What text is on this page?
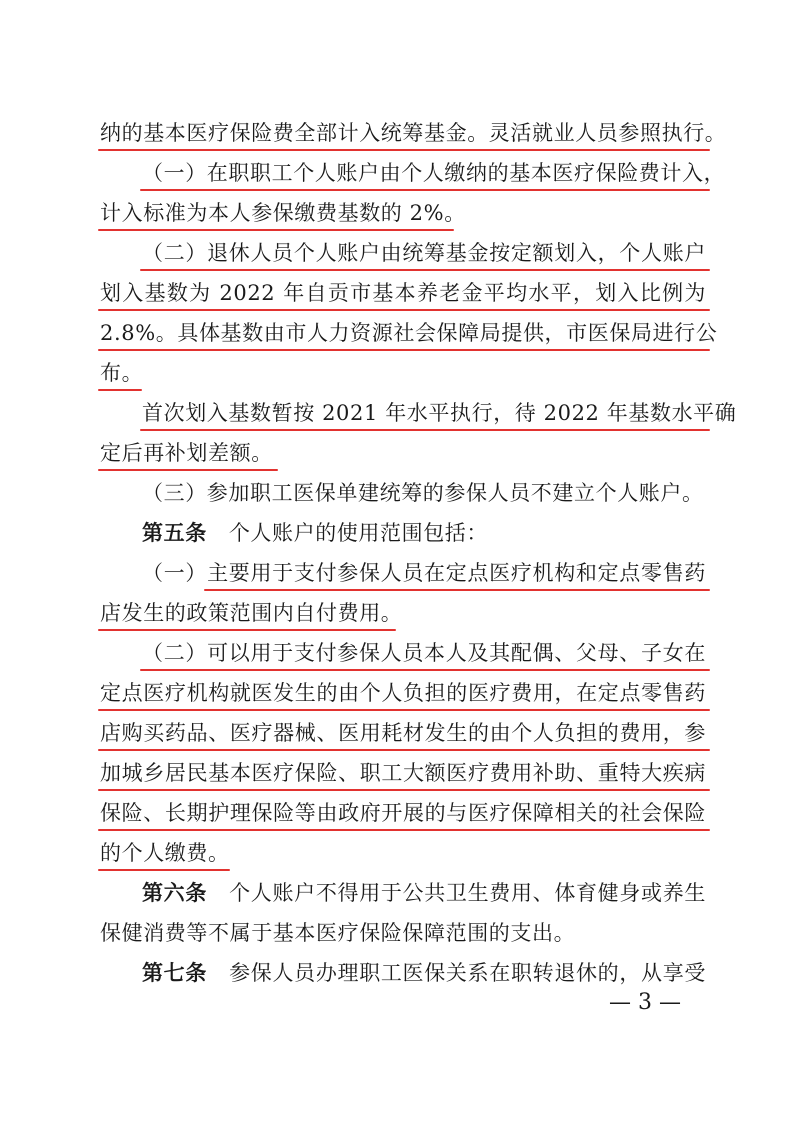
纳的基本医疗保险费全部计入统筹基金。灵活就业人员参照执行。
（一）在职职工个人账户由个人缴纳的基本医疗保险费计入，
计入标准为本人参保缴费基数的 2%。
（二）退休人员个人账户由统筹基金按定额划入，个人账户
划入基数为 2022 年自贡市基本养老金平均水平，划入比例为
2.8%。具体基数由市人力资源社会保障局提供，市医保局进行公
布。
首次划入基数暂按 2021 年水平执行，待 2022 年基数水平确
定后再补划差额。
（三）参加职工医保单建统筹的参保人员不建立个人账户。
第五条 个人账户的使用范围包括：
（一）主要用于支付参保人员在定点医疗机构和定点零售药
店发生的政策范围内自付费用。
（二）可以用于支付参保人员本人及其配偶、父母、子女在
定点医疗机构就医发生的由个人负担的医疗费用，在定点零售药
店购买药品、医疗器械、医用耗材发生的由个人负担的费用，参
加城乡居民基本医疗保险、职工大额医疗费用补助、重特大疾病
保险、长期护理保险等由政府开展的与医疗保障相关的社会保险
的个人缴费。
第六条 个人账户不得用于公共卫生费用、体育健身或养生
保健消费等不属于基本医疗保险保障范围的支出。
第七条 参保人员办理职工医保关系在职转退休的，从享受
— 3 —
